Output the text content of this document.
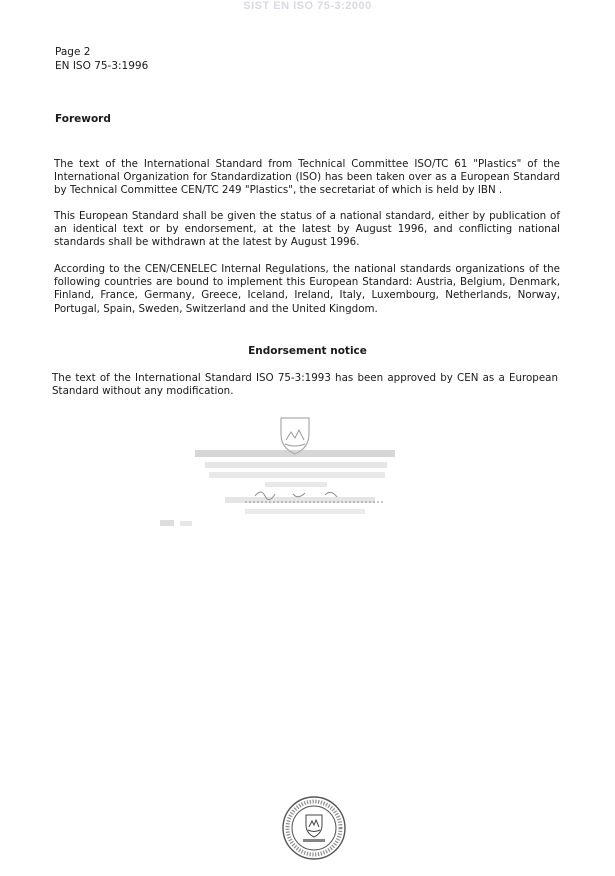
SIST EN ISO 75-3:2000
Page 2
EN ISO 75-3:1996
Foreword

The text of the International Standard from Technical Committee ISO/TC 61 "Plastics" of the International Organization for Standardization (ISO) has been taken over as a European Standard by Technical Committee CEN/TC 249 "Plastics", the secretariat of which is held by IBN .

This European Standard shall be given the status of a national standard, either by publication of an identical text or by endorsement, at the latest by August 1996, and conflicting national standards shall be withdrawn at the latest by August 1996.

According to the CEN/CENELEC Internal Regulations, the national standards organizations of the following countries are bound to implement this European Standard: Austria, Belgium, Denmark, Finland, France, Germany, Greece, Iceland, Ireland, Italy, Luxembourg, Netherlands, Norway, Portugal, Spain, Sweden, Switzerland and the United Kingdom.

Endorsement notice

The text of the International Standard ISO 75-3:1993 has been approved by CEN as a European Standard without any modification.
